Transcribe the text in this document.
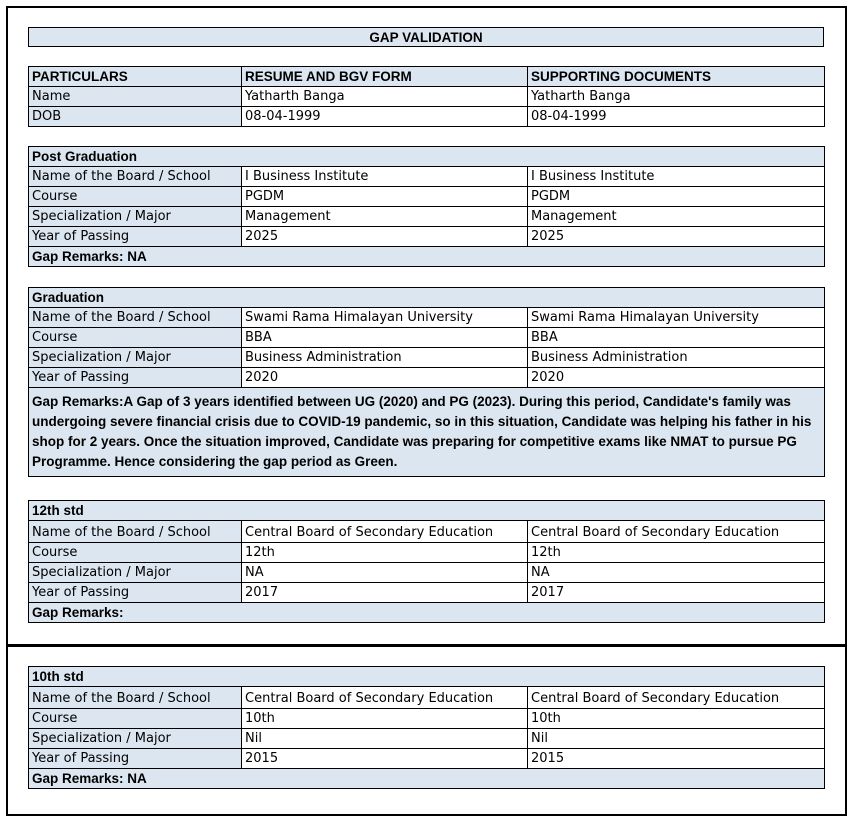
GAP VALIDATION
PARTICULARS	RESUME AND BGV FORM	SUPPORTING DOCUMENTS
Name	Yatharth Banga	Yatharth Banga
DOB	08-04-1999	08-04-1999
Post Graduation		
Name of the Board / School	I Business Institute	I Business Institute
Course	PGDM	PGDM
Specialization / Major	Management	Management
Year of Passing	2025	2025
Gap Remarks: NA		
Graduation		
Name of the Board / School	Swami Rama Himalayan University	Swami Rama Himalayan University
Course	BBA	BBA
Specialization / Major	Business Administration	Business Administration
Year of Passing	2020	2020
Gap Remarks:A Gap of 3 years identified between UG (2020) and PG (2023). During this period, Candidate's family was undergoing severe financial crisis due to COVID-19 pandemic, so in this situation, Candidate was helping his father in his shop for 2 years. Once the situation improved, Candidate was preparing for competitive exams like NMAT to pursue PG Programme. Hence considering the gap period as Green.		
12th std		
Name of the Board / School	Central Board of Secondary Education	Central Board of Secondary Education
Course	12th	12th
Specialization / Major	NA	NA
Year of Passing	2017	2017
Gap Remarks:		
10th std		
Name of the Board / School	Central Board of Secondary Education	Central Board of Secondary Education
Course	10th	10th
Specialization / Major	Nil	Nil
Year of Passing	2015	2015
Gap Remarks: NA		
